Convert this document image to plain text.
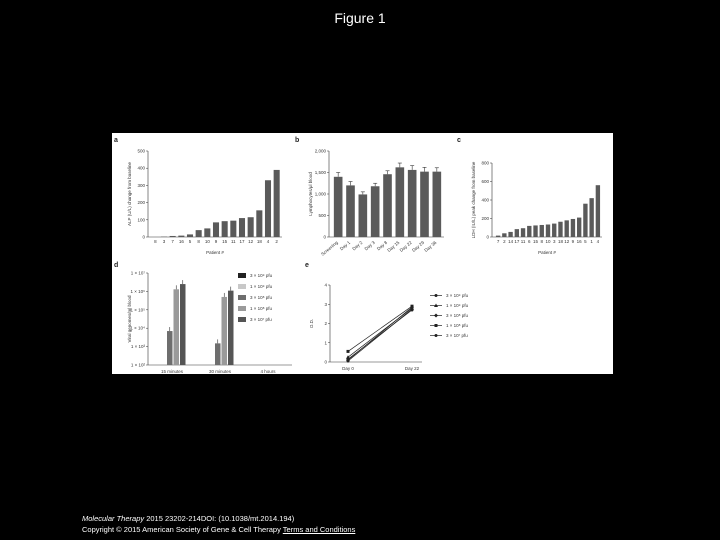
Figure 1
a
0
100
200
300
400
500
ALP (U/L) change from baseline
Patient #
8 3 7 16 5 8 10 9 15 11 17 12 18 4 2
b
0
500
1,000
1,500
2,000
Lymphocytes/μl blood
Screening Day 1 Day 2 Day 3 Day 8
Day 15
Day 22
Day 29
Day 36
c
0
200
400
600
800
LDH (IU/L) peak change from baseline
Patient #
7 2 14 17 11 6 15 8 10 3 18 12 9 16 5 1 4
d
1 × 10²
1 × 10³
1 × 10⁴
1 × 10⁵
1 × 10⁶
1 × 10⁷
Viral genomes/ml blood
15 minutes	30 minutes	4 hours
3 × 10⁹ pfu
1 × 10⁹ pfu
3 × 10⁸ pfu
1 × 10⁸ pfu
3 × 10⁷ pfu
e
0
1
2
3
4
O.D.
Day 0	Day 22
3 × 10⁹ pfu
1 × 10⁹ pfu
3 × 10⁸ pfu
1 × 10⁸ pfu
3 × 10⁷ pfu
Molecular Therapy 2015 23202-214DOI: (10.1038/mt.2014.194)
Copyright © 2015 American Society of Gene & Cell Therapy Terms and Conditions
